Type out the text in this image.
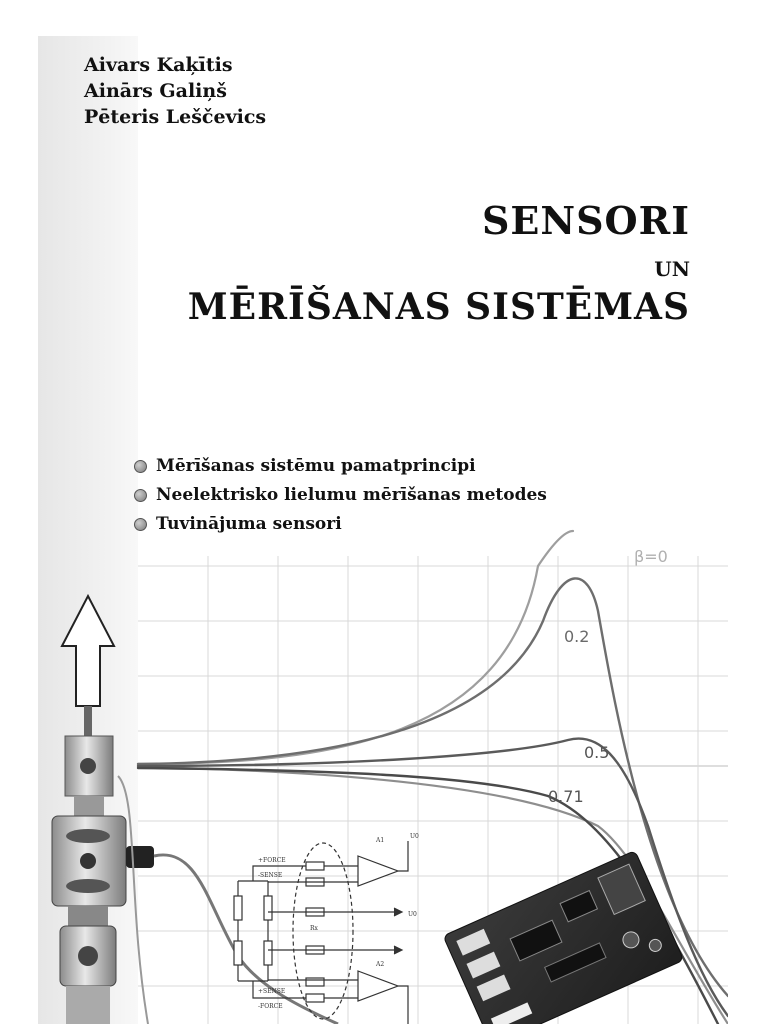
Aivars Kaķītis
Ainārs Galiņš
Pēteris Leščevics
SENSORI
UN
MĒRĪŠANAS SISTĒMAS
Mērīšanas sistēmu pamatprincipi
Neelektrisko lielumu mērīšanas metodes
Tuvinājuma sensori
β=0
0.2
0.5
0.71
A1
A2
+FORCE
-SENSE
+SENSE
-FORCE
Rx
U0
U0
